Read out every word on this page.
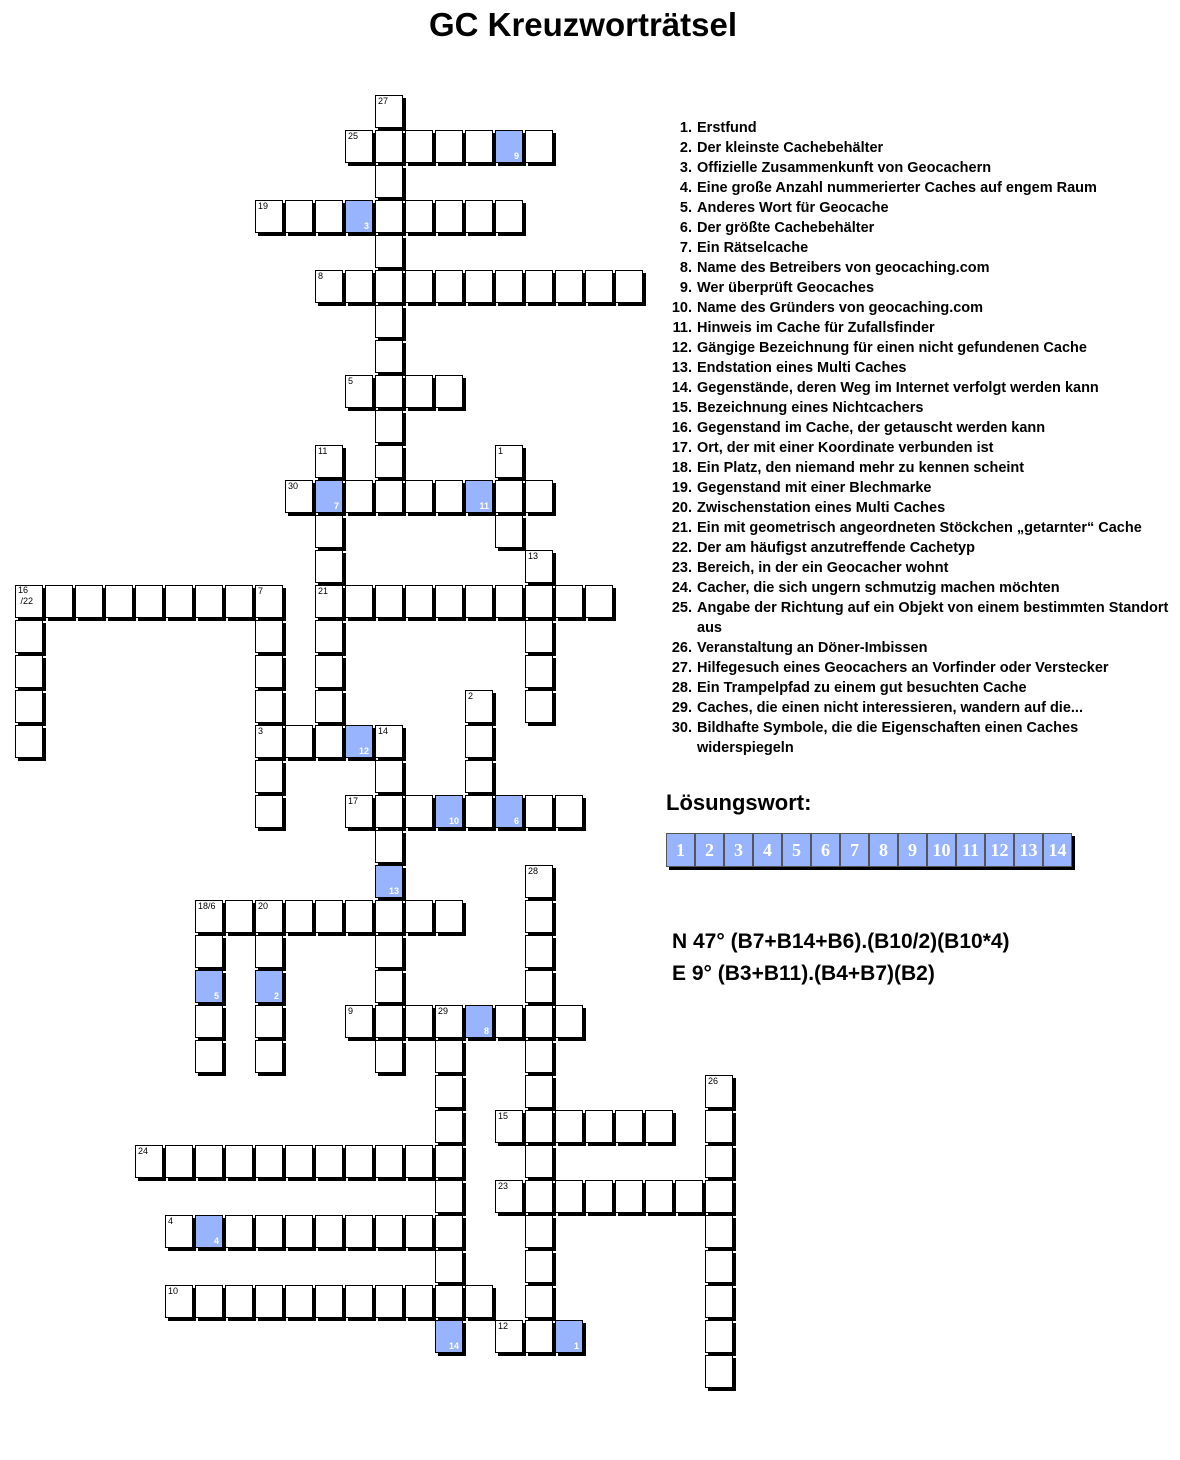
GC Kreuzworträtsel
25
9
19
3
8
5
30
7	11
16
/22
7	21
3
12
17
10	6
18/6	20
9	29
8
15
24
23
4
4
10
12
1
27
11	1
13
2
14
13
28
5	2
14
26
1. Erstfund
2. Der kleinste Cachebehälter
3. Offizielle Zusammenkunft von Geocachern
4. Eine große Anzahl nummerierter Caches auf engem Raum
5. Anderes Wort für Geocache
6. Der größte Cachebehälter
7. Ein Rätselcache
8. Name des Betreibers von geocaching.com
9. Wer überprüft Geocaches
10. Name des Gründers von geocaching.com
11. Hinweis im Cache für Zufallsfinder
12. Gängige Bezeichnung für einen nicht gefundenen Cache
13. Endstation eines Multi Caches
14. Gegenstände, deren Weg im Internet verfolgt werden kann
15. Bezeichnung eines Nichtcachers
16. Gegenstand im Cache, der getauscht werden kann
17. Ort, der mit einer Koordinate verbunden ist
18. Ein Platz, den niemand mehr zu kennen scheint
19. Gegenstand mit einer Blechmarke
20. Zwischenstation eines Multi Caches
21. Ein mit geometrisch angeordneten Stöckchen „getarnter“ Cache
22. Der am häufigst anzutreffende Cachetyp
23. Bereich, in der ein Geocacher wohnt
24. Cacher, die sich ungern schmutzig machen möchten
25. Angabe der Richtung auf ein Objekt von einem bestimmten Standort aus
26. Veranstaltung an Döner-Imbissen
27. Hilfegesuch eines Geocachers an Vorfinder oder Verstecker
28. Ein Trampelpfad zu einem gut besuchten Cache
29. Caches, die einen nicht interessieren, wandern auf die...
30. Bildhafte Symbole, die die Eigenschaften einen Caches widerspiegeln
Lösungswort:
1	2	3	4	5	6	7	8	9 10 11 12 13 14
N 47° (B7+B14+B6).(B10/2)(B10*4)
E 9° (B3+B11).(B4+B7)(B2)
